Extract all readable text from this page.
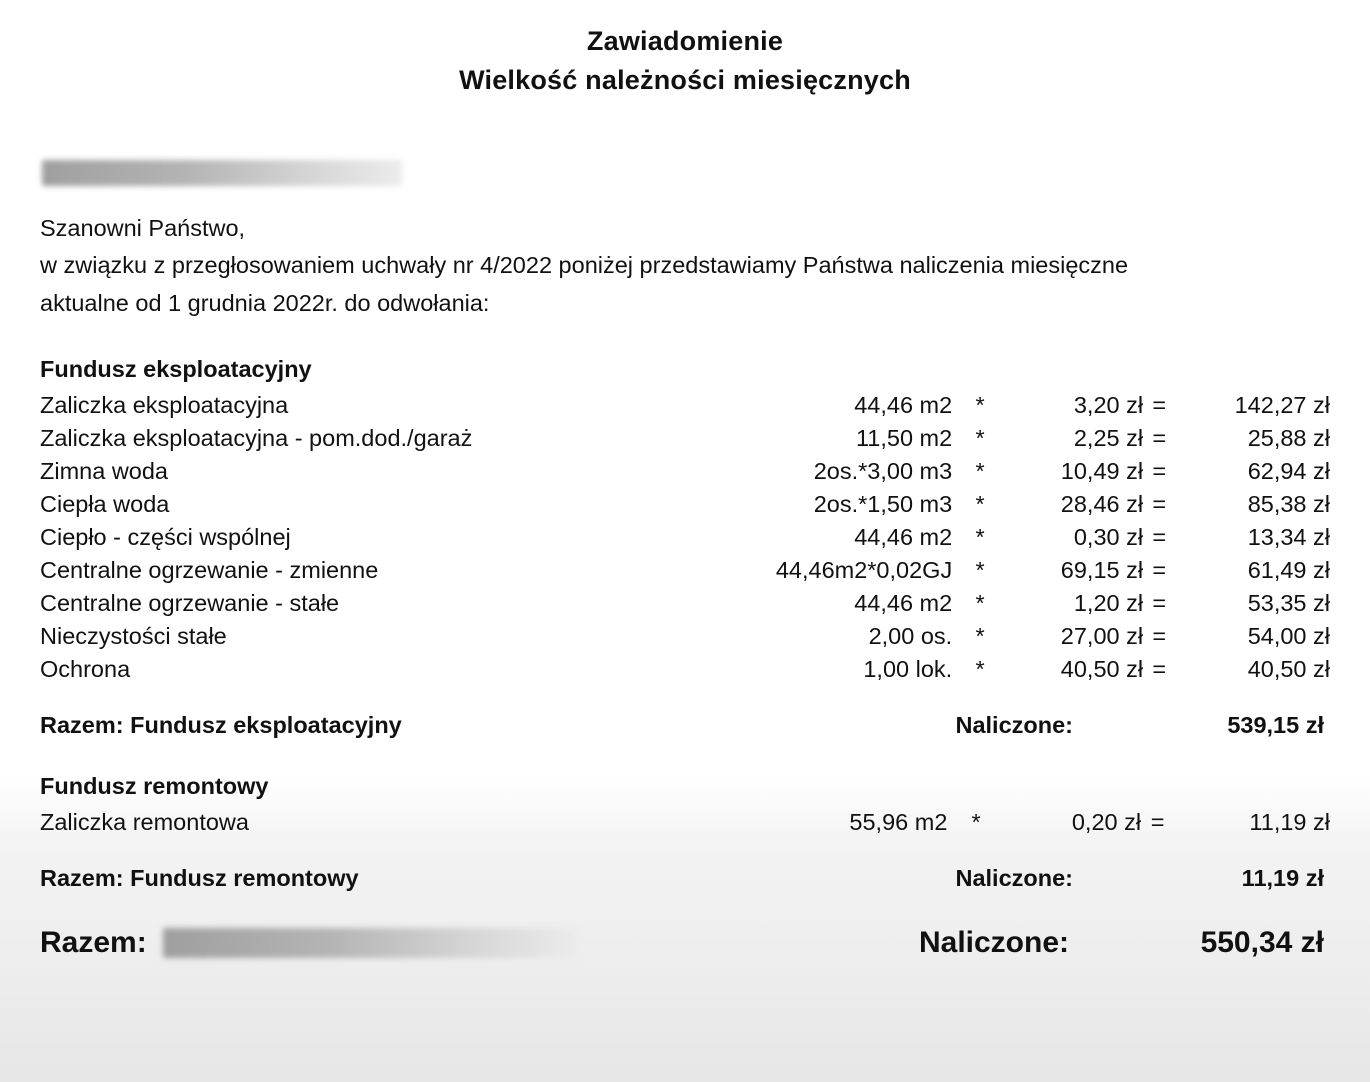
Zawiadomienie
Wielkość należności miesięcznych
Szanowni Państwo,
w związku z przegłosowaniem uchwały nr 4/2022 poniżej przedstawiamy Państwa naliczenia miesięczne
aktualne od 1 grudnia 2022r. do odwołania:
Fundusz eksploatacyjny
Zaliczka eksploatacyjna	44,46 m2	*	3,20 zł	=	142,27 zł
Zaliczka eksploatacyjna - pom.dod./garaż	11,50 m2	*	2,25 zł	=	25,88 zł
Zimna woda	2os.*3,00 m3	*	10,49 zł	=	62,94 zł
Ciepła woda	2os.*1,50 m3	*	28,46 zł	=	85,38 zł
Ciepło - części wspólnej	44,46 m2	*	0,30 zł	=	13,34 zł
Centralne ogrzewanie - zmienne	44,46m2*0,02GJ	*	69,15 zł	=	61,49 zł
Centralne ogrzewanie - stałe	44,46 m2	*	1,20 zł	=	53,35 zł
Nieczystości stałe	2,00 os.	*	27,00 zł	=	54,00 zł
Ochrona	1,00 lok.	*	40,50 zł	=	40,50 zł
Razem: Fundusz eksploatacyjny	Naliczone:	539,15 zł
Fundusz remontowy
Zaliczka remontowa	55,96 m2	*	0,20 zł	=	11,19 zł
Razem: Fundusz remontowy	Naliczone:	11,19 zł
Razem:	Naliczone:	550,34 zł
